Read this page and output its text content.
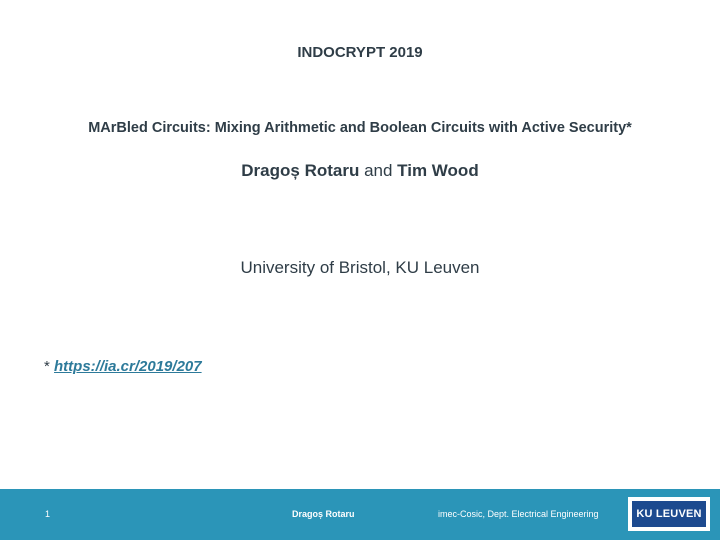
INDOCRYPT 2019
MArBled Circuits: Mixing Arithmetic and Boolean Circuits with Active Security*
Dragoș Rotaru and Tim Wood
University of Bristol, KU Leuven
* https://ia.cr/2019/207
1	Dragoș Rotaru	imec-Cosic, Dept. Electrical Engineering	KU LEUVEN
